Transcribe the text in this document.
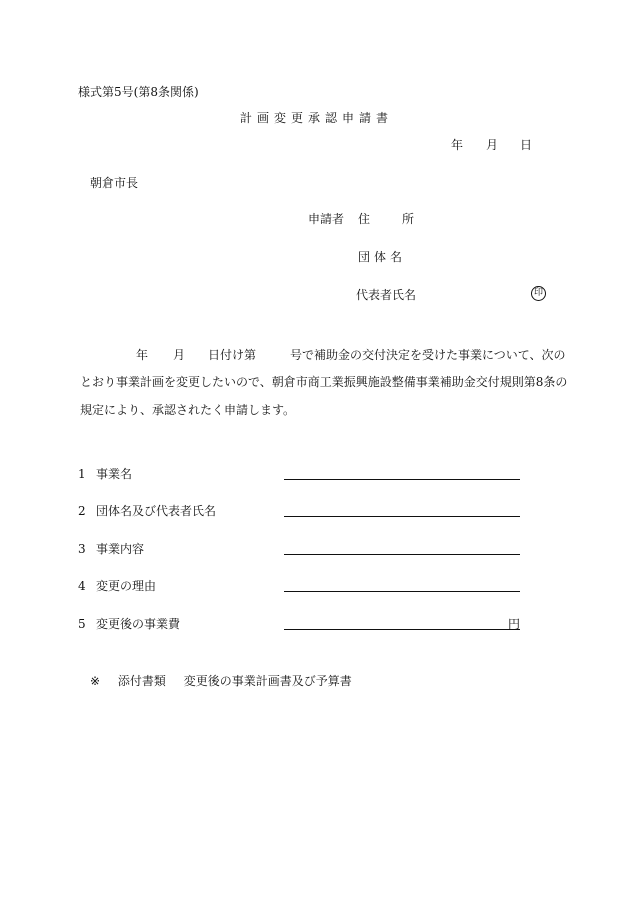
様式第5号(第8条関係)
計画変更承認申請書
年 月 日
朝倉市長
申請者 住	所
団体名
代表者氏名	印
年 月 日付け第	号で補助金の交付決定を受けた事業について、次の
とおり事業計画を変更したいので、朝倉市商工業振興施設整備事業補助金交付規則第8条の
規定により、承認されたく申請します。
1 事業名
2 団体名及び代表者氏名
3 事業内容
4 変更の理由
5 変更後の事業費	円
※ 添付書類 変更後の事業計画書及び予算書
